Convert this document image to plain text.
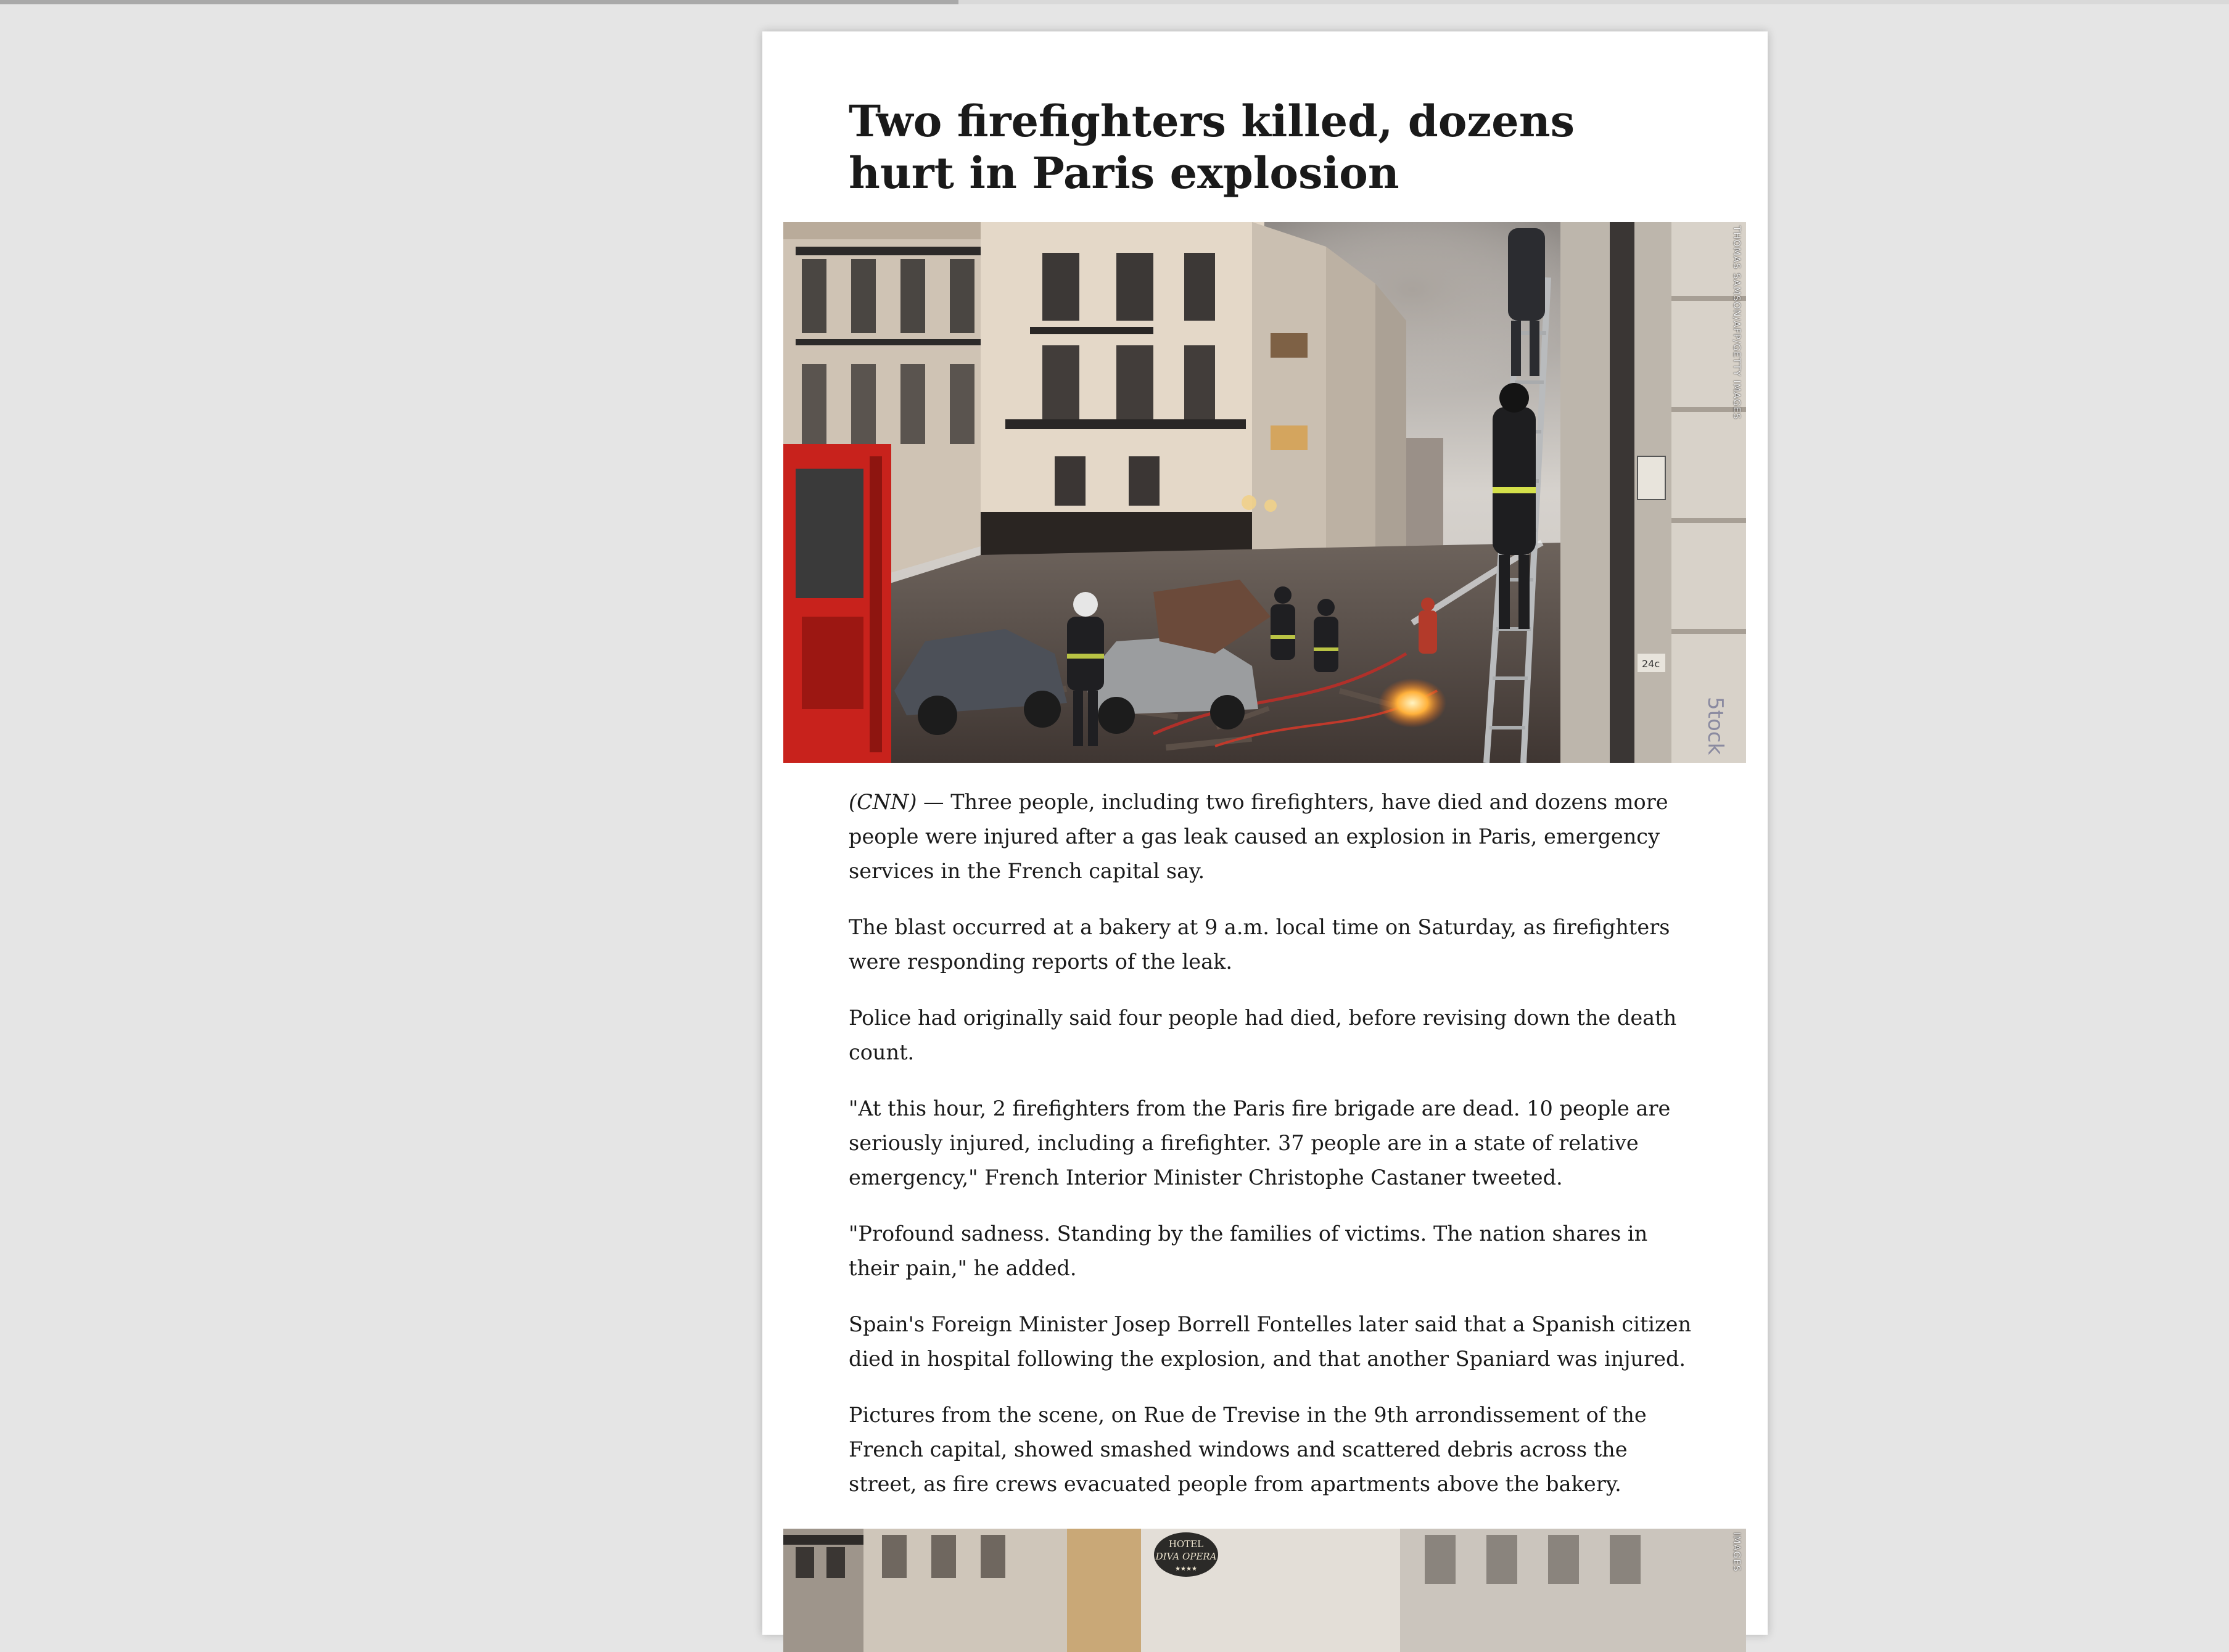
Two firefighters killed, dozens hurt in Paris explosion
24c
5tock
THOMAS SAMSON/AFP/GETTY IMAGES

(CNN) — Three people, including two firefighters, have died and dozens more people were injured after a gas leak caused an explosion in Paris, emergency services in the French capital say.

The blast occurred at a bakery at 9 a.m. local time on Saturday, as firefighters were responding reports of the leak.

Police had originally said four people had died, before revising down the death count.

"At this hour, 2 firefighters from the Paris fire brigade are dead. 10 people are seriously injured, including a firefighter. 37 people are in a state of relative emergency," French Interior Minister Christophe Castaner tweeted.

"Profound sadness. Standing by the families of victims. The nation shares in their pain," he added.

Spain's Foreign Minister Josep Borrell Fontelles later said that a Spanish citizen died in hospital following the explosion, and that another Spaniard was injured.

Pictures from the scene, on Rue de Trevise in the 9th arrondissement of the French capital, showed smashed windows and scattered debris across the street, as fire crews evacuated people from apartments above the bakery.

HOTEL
DIVA OPERA
★★★★	IMAGES
